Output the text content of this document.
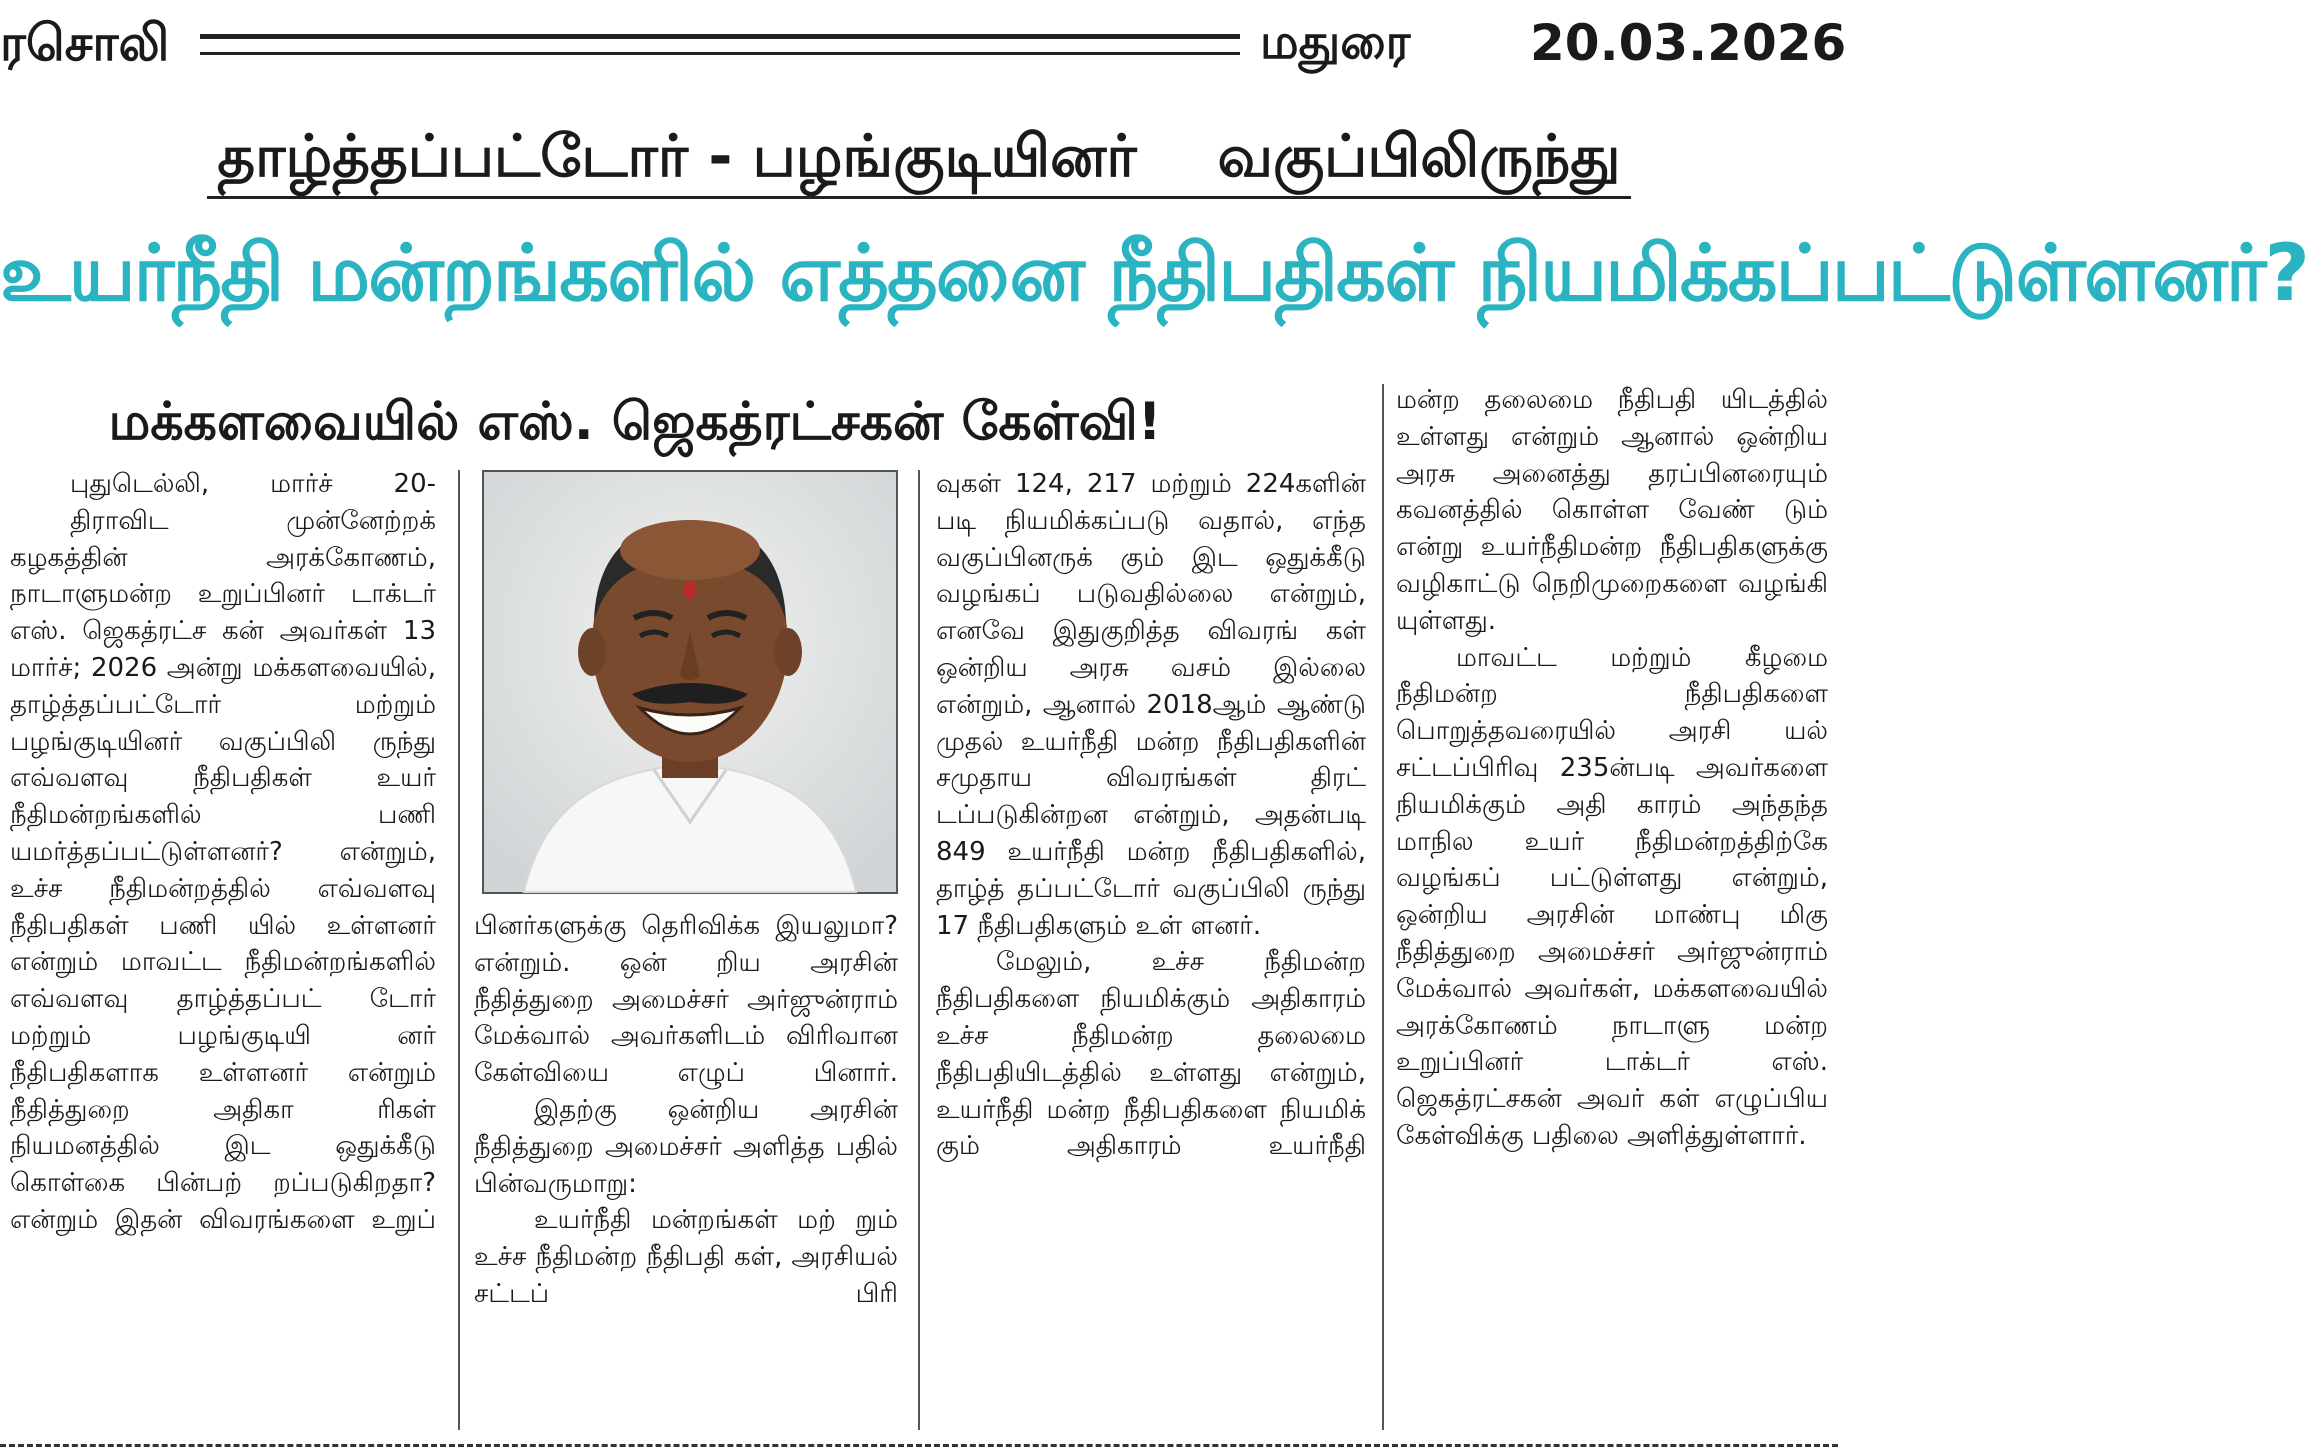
ரசொலி	மதுரை 20.03.2026
தாழ்த்தப்பட்டோர் - பழங்குடியினர்    வகுப்பிலிருந்து
உயர்நீதி மன்றங்களில் எத்தனை நீதிபதிகள் நியமிக்கப்பட்டுள்ளனர்?
மக்களவையில் எஸ். ஜெகத்ரட்சகன் கேள்வி!

புதுடெல்லி, மார்ச் 20-

திராவிட முன்னேற்றக் கழகத்தின் அரக்கோணம், நாடாளுமன்ற உறுப்பினர் டாக்டர் எஸ். ஜெகத்ரட்ச கன் அவர்கள் 13 மார்ச்; 2026 அன்று மக்களவையில், தாழ்த்தப்பட்டோர் மற்றும் பழங்குடியினர் வகுப்பிலி ருந்து எவ்வளவு நீதிபதிகள் உயர் நீதிமன்றங்களில் பணி யமர்த்தப்பட்டுள்ளனர்? என்றும், உச்ச நீதிமன்றத்தில் எவ்வளவு நீதிபதிகள் பணி யில் உள்ளனர் என்றும் மாவட்ட நீதிமன்றங்களில் எவ்வளவு தாழ்த்தப்பட் டோர் மற்றும் பழங்குடியி னர் நீதிபதிகளாக உள்ளனர் என்றும் நீதித்துறை அதிகா ரிகள் நியமனத்தில் இட ஒதுக்கீடு கொள்கை பின்பற் றப்படுகிறதா? என்றும் இதன் விவரங்களை உறுப்

பினர்களுக்கு தெரிவிக்க இயலுமா? என்றும். ஒன் றிய அரசின் நீதித்துறை அமைச்சர் அர்ஜுன்ராம் மேக்வால் அவர்களிடம் விரிவான கேள்வியை எழுப் பினார்.

இதற்கு ஒன்றிய அரசின் நீதித்துறை அமைச்சர் அளித்த பதில் பின்வருமாறு:

உயர்நீதி மன்றங்கள் மற் றும் உச்ச நீதிமன்ற நீதிபதி கள், அரசியல் சட்டப் பிரி

வுகள் 124, 217 மற்றும் 224களின் படி நியமிக்கப்படு வதால், எந்த வகுப்பினருக் கும் இட ஒதுக்கீடு வழங்கப் படுவதில்லை என்றும், எனவே இதுகுறித்த விவரங் கள் ஒன்றிய அரசு வசம் இல்லை என்றும், ஆனால் 2018ஆம் ஆண்டு முதல் உயர்நீதி மன்ற நீதிபதிகளின் சமுதாய விவரங்கள் திரட் டப்படுகின்றன என்றும், அதன்படி 849 உயர்நீதி மன்ற நீதிபதிகளில், தாழ்த் தப்பட்டோர் வகுப்பிலி ருந்து 17 நீதிபதிகளும் உள் ளனர்.

மேலும், உச்ச நீதிமன்ற நீதிபதிகளை நியமிக்கும் அதிகாரம் உச்ச நீதிமன்ற தலைமை நீதிபதியிடத்தில் உள்ளது என்றும், உயர்நீதி மன்ற நீதிபதிகளை நியமிக் கும் அதிகாரம் உயர்நீதி

மன்ற தலைமை நீதிபதி யிடத்தில் உள்ளது என்றும் ஆனால் ஒன்றிய அரசு அனைத்து தரப்பினரையும் கவனத்தில் கொள்ள வேண் டும் என்று உயர்நீதிமன்ற நீதிபதிகளுக்கு வழிகாட்டு நெறிமுறைகளை வழங்கி யுள்ளது.

மாவட்ட மற்றும் கீழமை நீதிமன்ற நீதிபதிகளை பொறுத்தவரையில் அரசி யல் சட்டப்பிரிவு 235ன்படி அவர்களை நியமிக்கும் அதி காரம் அந்தந்த மாநில உயர் நீதிமன்றத்திற்கே வழங்கப் பட்டுள்ளது என்றும், ஒன்றிய அரசின் மாண்பு மிகு நீதித்துறை அமைச்சர் அர்ஜுன்ராம் மேக்வால் அவர்கள், மக்களவையில் அரக்கோணம் நாடாளு மன்ற உறுப்பினர் டாக்டர் எஸ். ஜெகத்ரட்சகன் அவர் கள் எழுப்பிய கேள்விக்கு பதிலை அளித்துள்ளார்.
